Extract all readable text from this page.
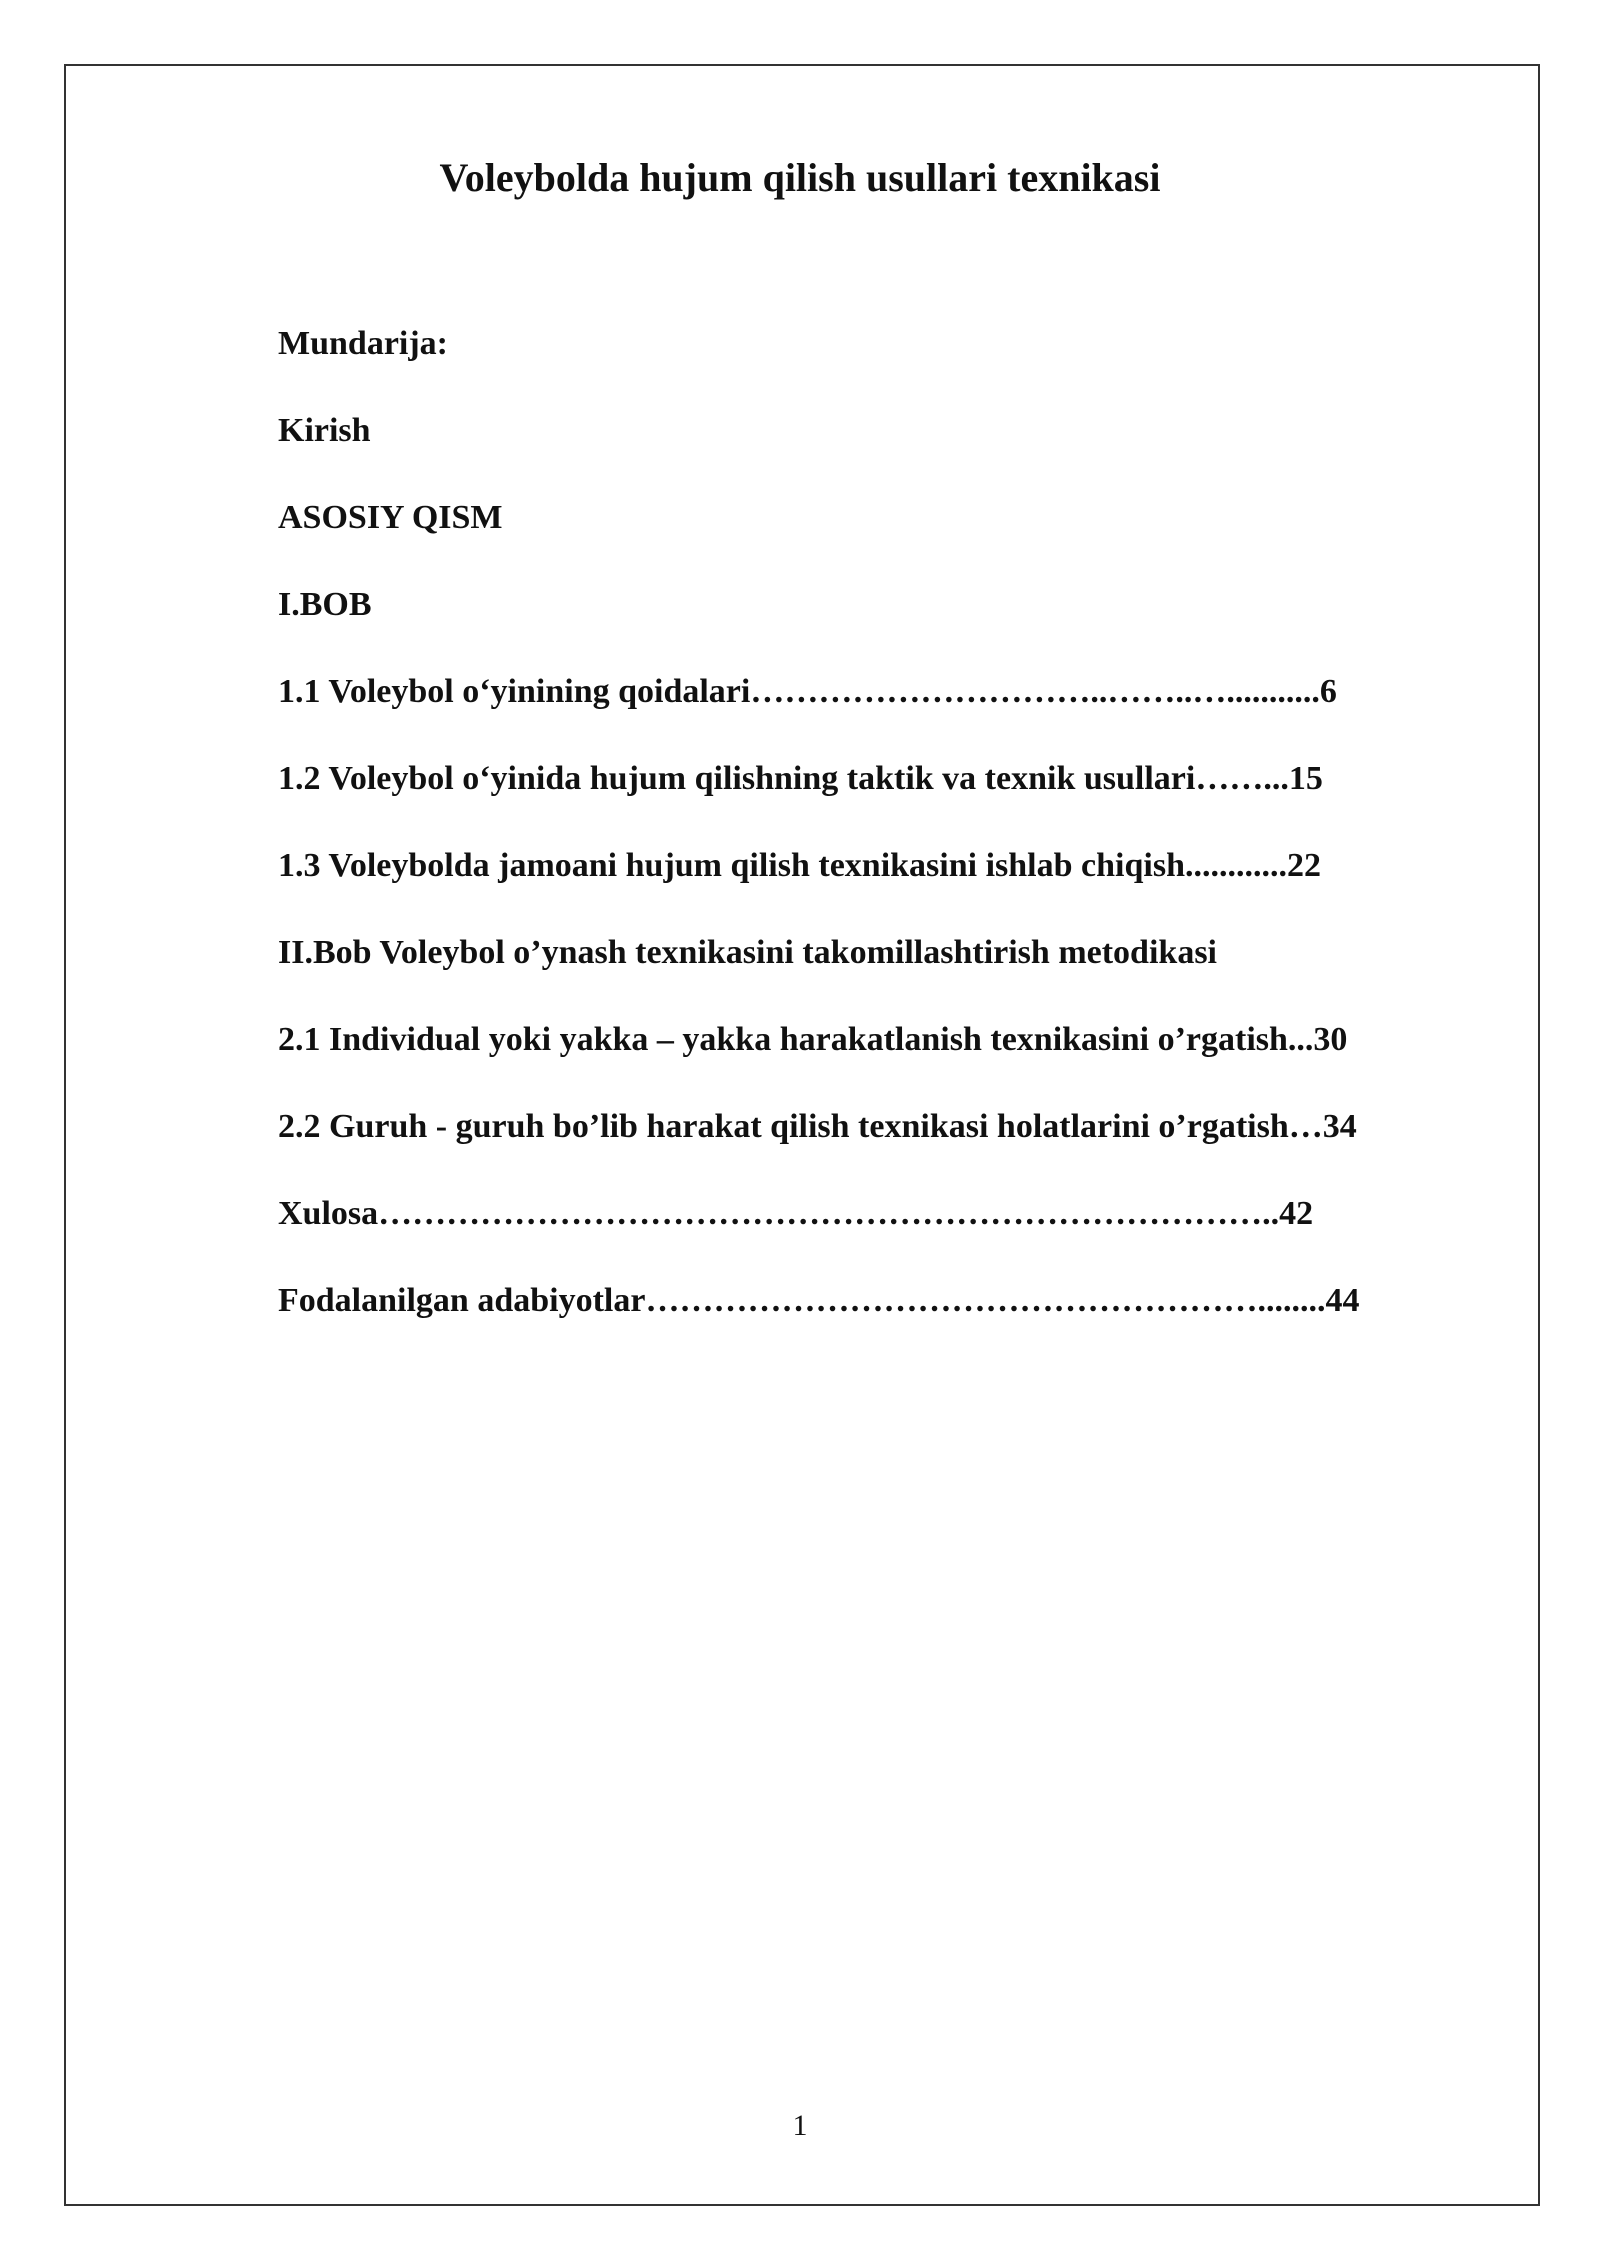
Voleybolda hujum qilish usullari texnikasi
Mundarija:
Kirish
ASOSIY QISM
I.BOB
1.1 Voleybol o‘yinining qoidalari…………………………..……..…...........6
1.2 Voleybol o‘yinida hujum qilishning taktik va texnik usullari……...15
1.3 Voleybolda jamoani hujum qilish texnikasini ishlab chiqish............22
II.Bob Voleybol o’ynash texnikasini takomillashtirish metodikasi
2.1 Individual yoki yakka – yakka harakatlanish texnikasini o’rgatish...30
2.2 Guruh - guruh bo’lib harakat qilish texnikasi holatlarini o’rgatish…34
Xulosa……………………………………………………………………..42
Fodalanilgan adabiyotlar………………………………………………........44
1
